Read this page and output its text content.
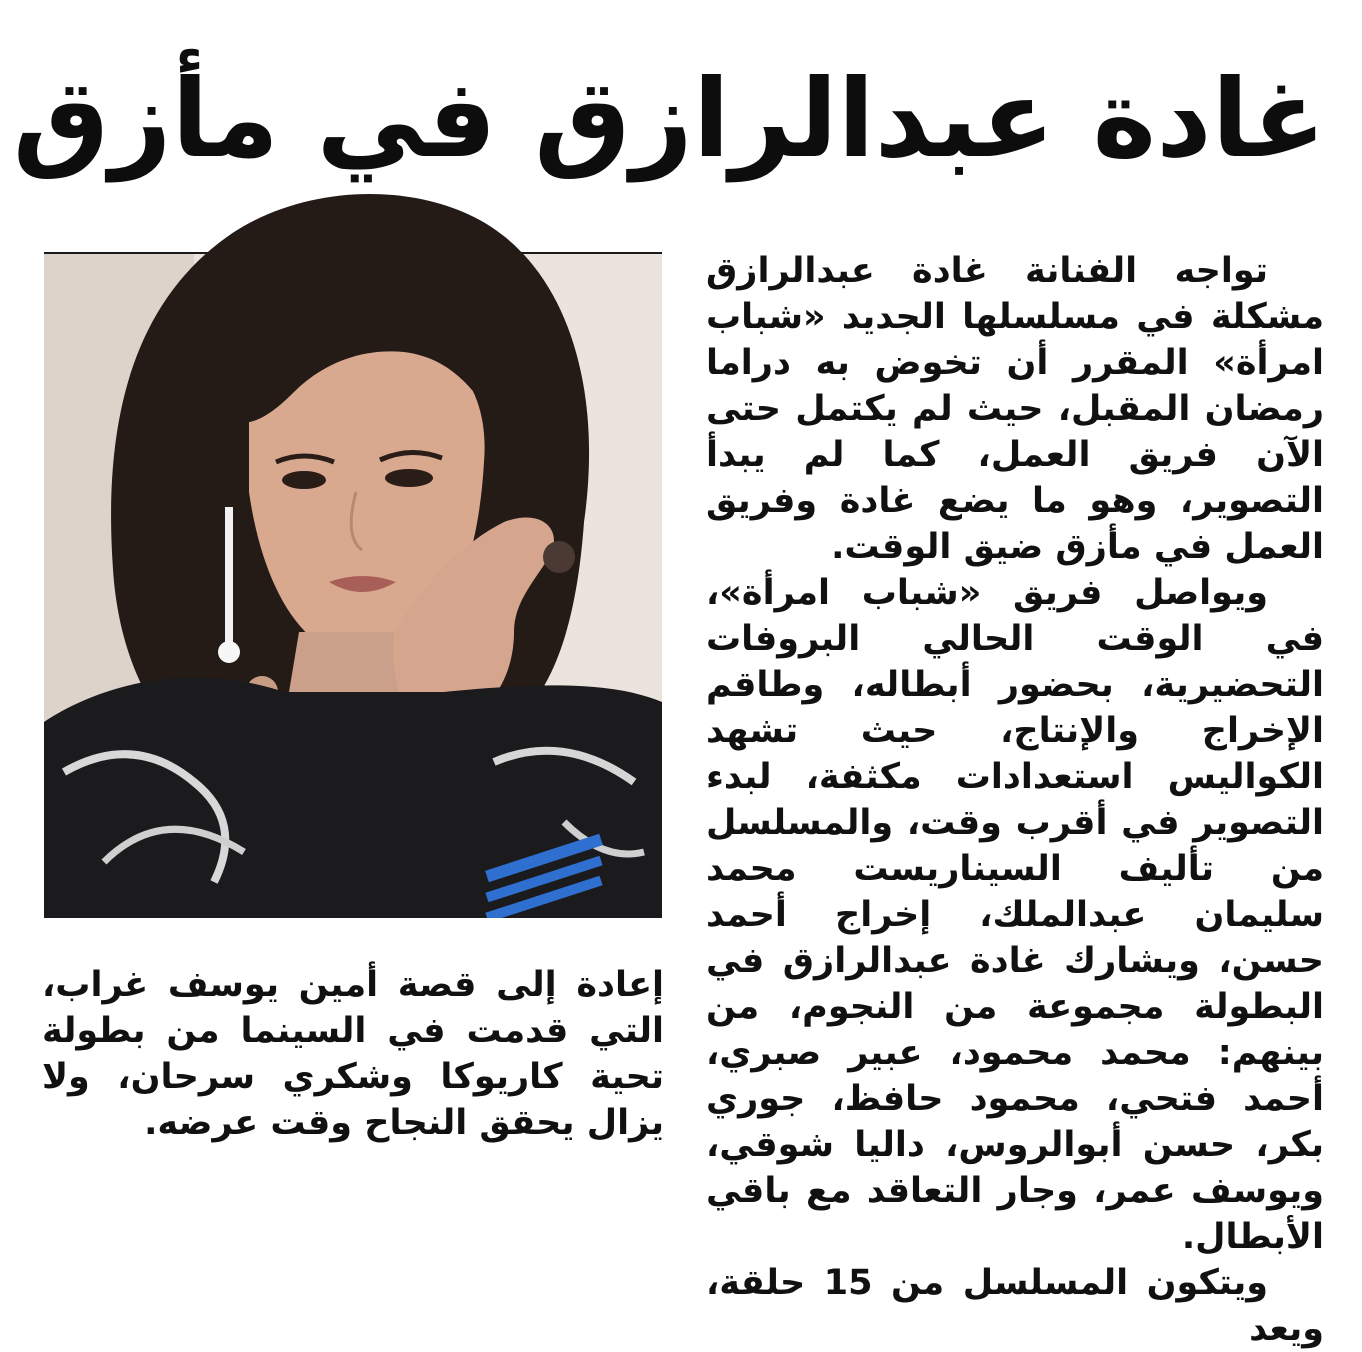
غادة عبدالرازق في مأزق

تواجه الفنانة غادة عبدالرازق مشكلة في مسلسلها الجديد «شباب امرأة» المقرر أن تخوض به دراما رمضان المقبل، حيث لم يكتمل حتى الآن فريق العمل، كما لم يبدأ التصوير، وهو ما يضع غادة وفريق العمل في مأزق ضيق الوقت.

ويواصل فريق «شباب امرأة»، في الوقت الحالي البروفات التحضيرية، بحضور أبطاله، وطاقم الإخراج والإنتاج، حيث تشهد الكواليس استعدادات مكثفة، لبدء التصوير في أقرب وقت، والمسلسل من تأليف السيناريست محمد سليمان عبدالملك، إخراج أحمد حسن، ويشارك غادة عبدالرازق في البطولة مجموعة من النجوم، من بينهم: محمد محمود، عبير صبري، أحمد فتحي، محمود حافظ، جوري بكر، حسن أبوالروس، داليا شوقي، ويوسف عمر، وجار التعاقد مع باقي الأبطال.

ويتكون المسلسل من 15 حلقة، ويعد

إعادة إلى قصة أمين يوسف غراب، التي قدمت في السينما من بطولة تحية كاريوكا وشكري سرحان، ولا يزال يحقق النجاح وقت عرضه.
